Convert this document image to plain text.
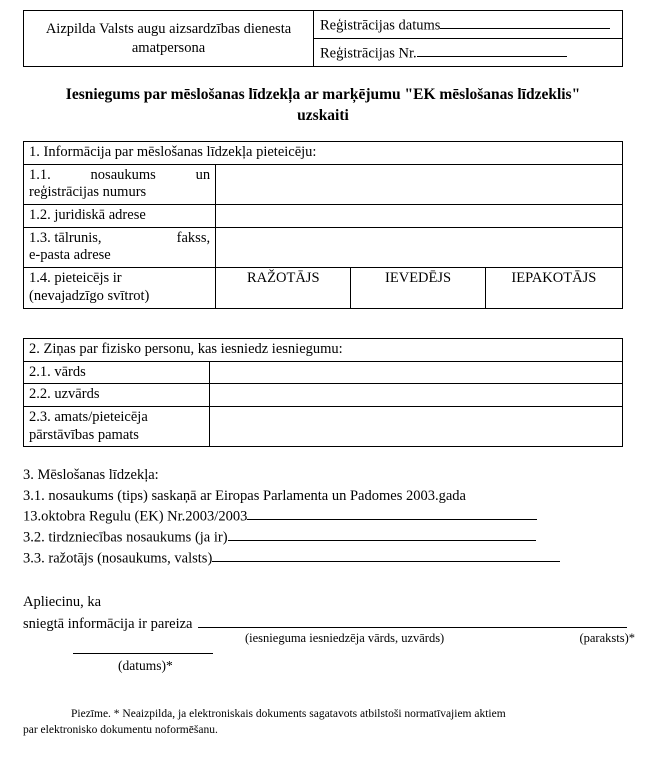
Aizpilda Valsts augu aizsardzības dienesta amatpersona	Reģistrācijas datums
Reģistrācijas Nr.
Iesniegums par mēslošanas līdzekļa ar marķējumu "EK mēslošanas līdzeklis" uzskaiti
1. Informācija par mēslošanas līdzekļa pieteicēju:			

1.1. nosaukums un
reģistrācijas numurs			

1.2. juridiskā adrese			

1.3. tālrunis, fakss,
e-pasta adrese			

1.4. pieteicējs ir
(nevajadzīgo svītrot)	RAŽOTĀJS	IEVEDĒJS	IEPAKOTĀJS
2. Ziņas par fizisko personu, kas iesniedz iesniegumu:	
2.1. vārds	
2.2. uzvārds	

2.3. amats/pieteicēja
pārstāvības pamats	

3. Mēslošanas līdzekļa:
3.1. nosaukums (tips) saskaņā ar Eiropas Parlamenta un Padomes 2003.gada
13.oktobra Regulu (EK) Nr.2003/2003
3.2. tirdzniecības nosaukums (ja ir)
3.3. ražotājs (nosaukums, valsts)
Apliecinu, ka
sniegtā informācija ir pareiza
(iesnieguma iesniedzēja vārds, uzvārds)	(paraksts)*
(datums)*
Piezīme. * Neaizpilda, ja elektroniskais dokuments sagatavots atbilstoši normatīvajiem aktiem
par elektronisko dokumentu noformēšanu.
